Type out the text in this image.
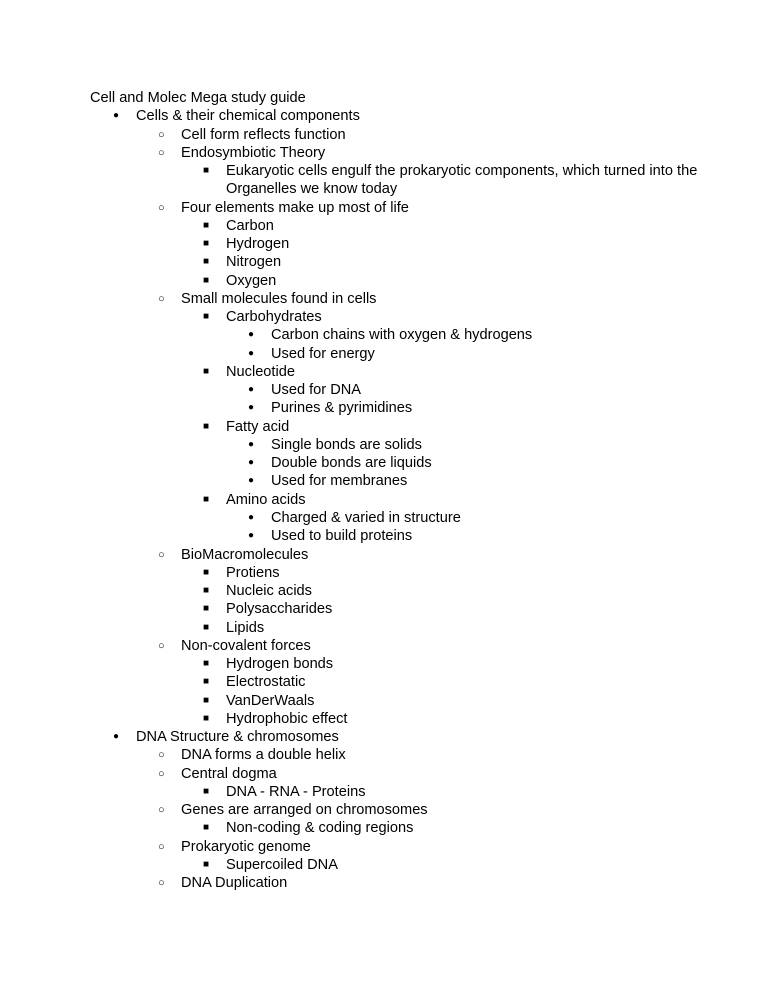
Cell and Molec Mega study guide
● Cells & their chemical components
○ Cell form reflects function
○ Endosymbiotic Theory
■ Eukaryotic cells engulf the prokaryotic components, which turned into the
Organelles we know today
○ Four elements make up most of life
■ Carbon
■ Hydrogen
■ Nitrogen
■ Oxygen
○ Small molecules found in cells
■ Carbohydrates
● Carbon chains with oxygen & hydrogens
● Used for energy
■ Nucleotide
● Used for DNA
● Purines & pyrimidines
■ Fatty acid
● Single bonds are solids
● Double bonds are liquids
● Used for membranes
■ Amino acids
● Charged & varied in structure
● Used to build proteins
○ BioMacromolecules
■ Protiens
■ Nucleic acids
■ Polysaccharides
■ Lipids
○ Non-covalent forces
■ Hydrogen bonds
■ Electrostatic
■ VanDerWaals
■ Hydrophobic effect
● DNA Structure & chromosomes
○ DNA forms a double helix
○ Central dogma
■ DNA - RNA - Proteins
○ Genes are arranged on chromosomes
■ Non-coding & coding regions
○ Prokaryotic genome
■ Supercoiled DNA
○ DNA Duplication
